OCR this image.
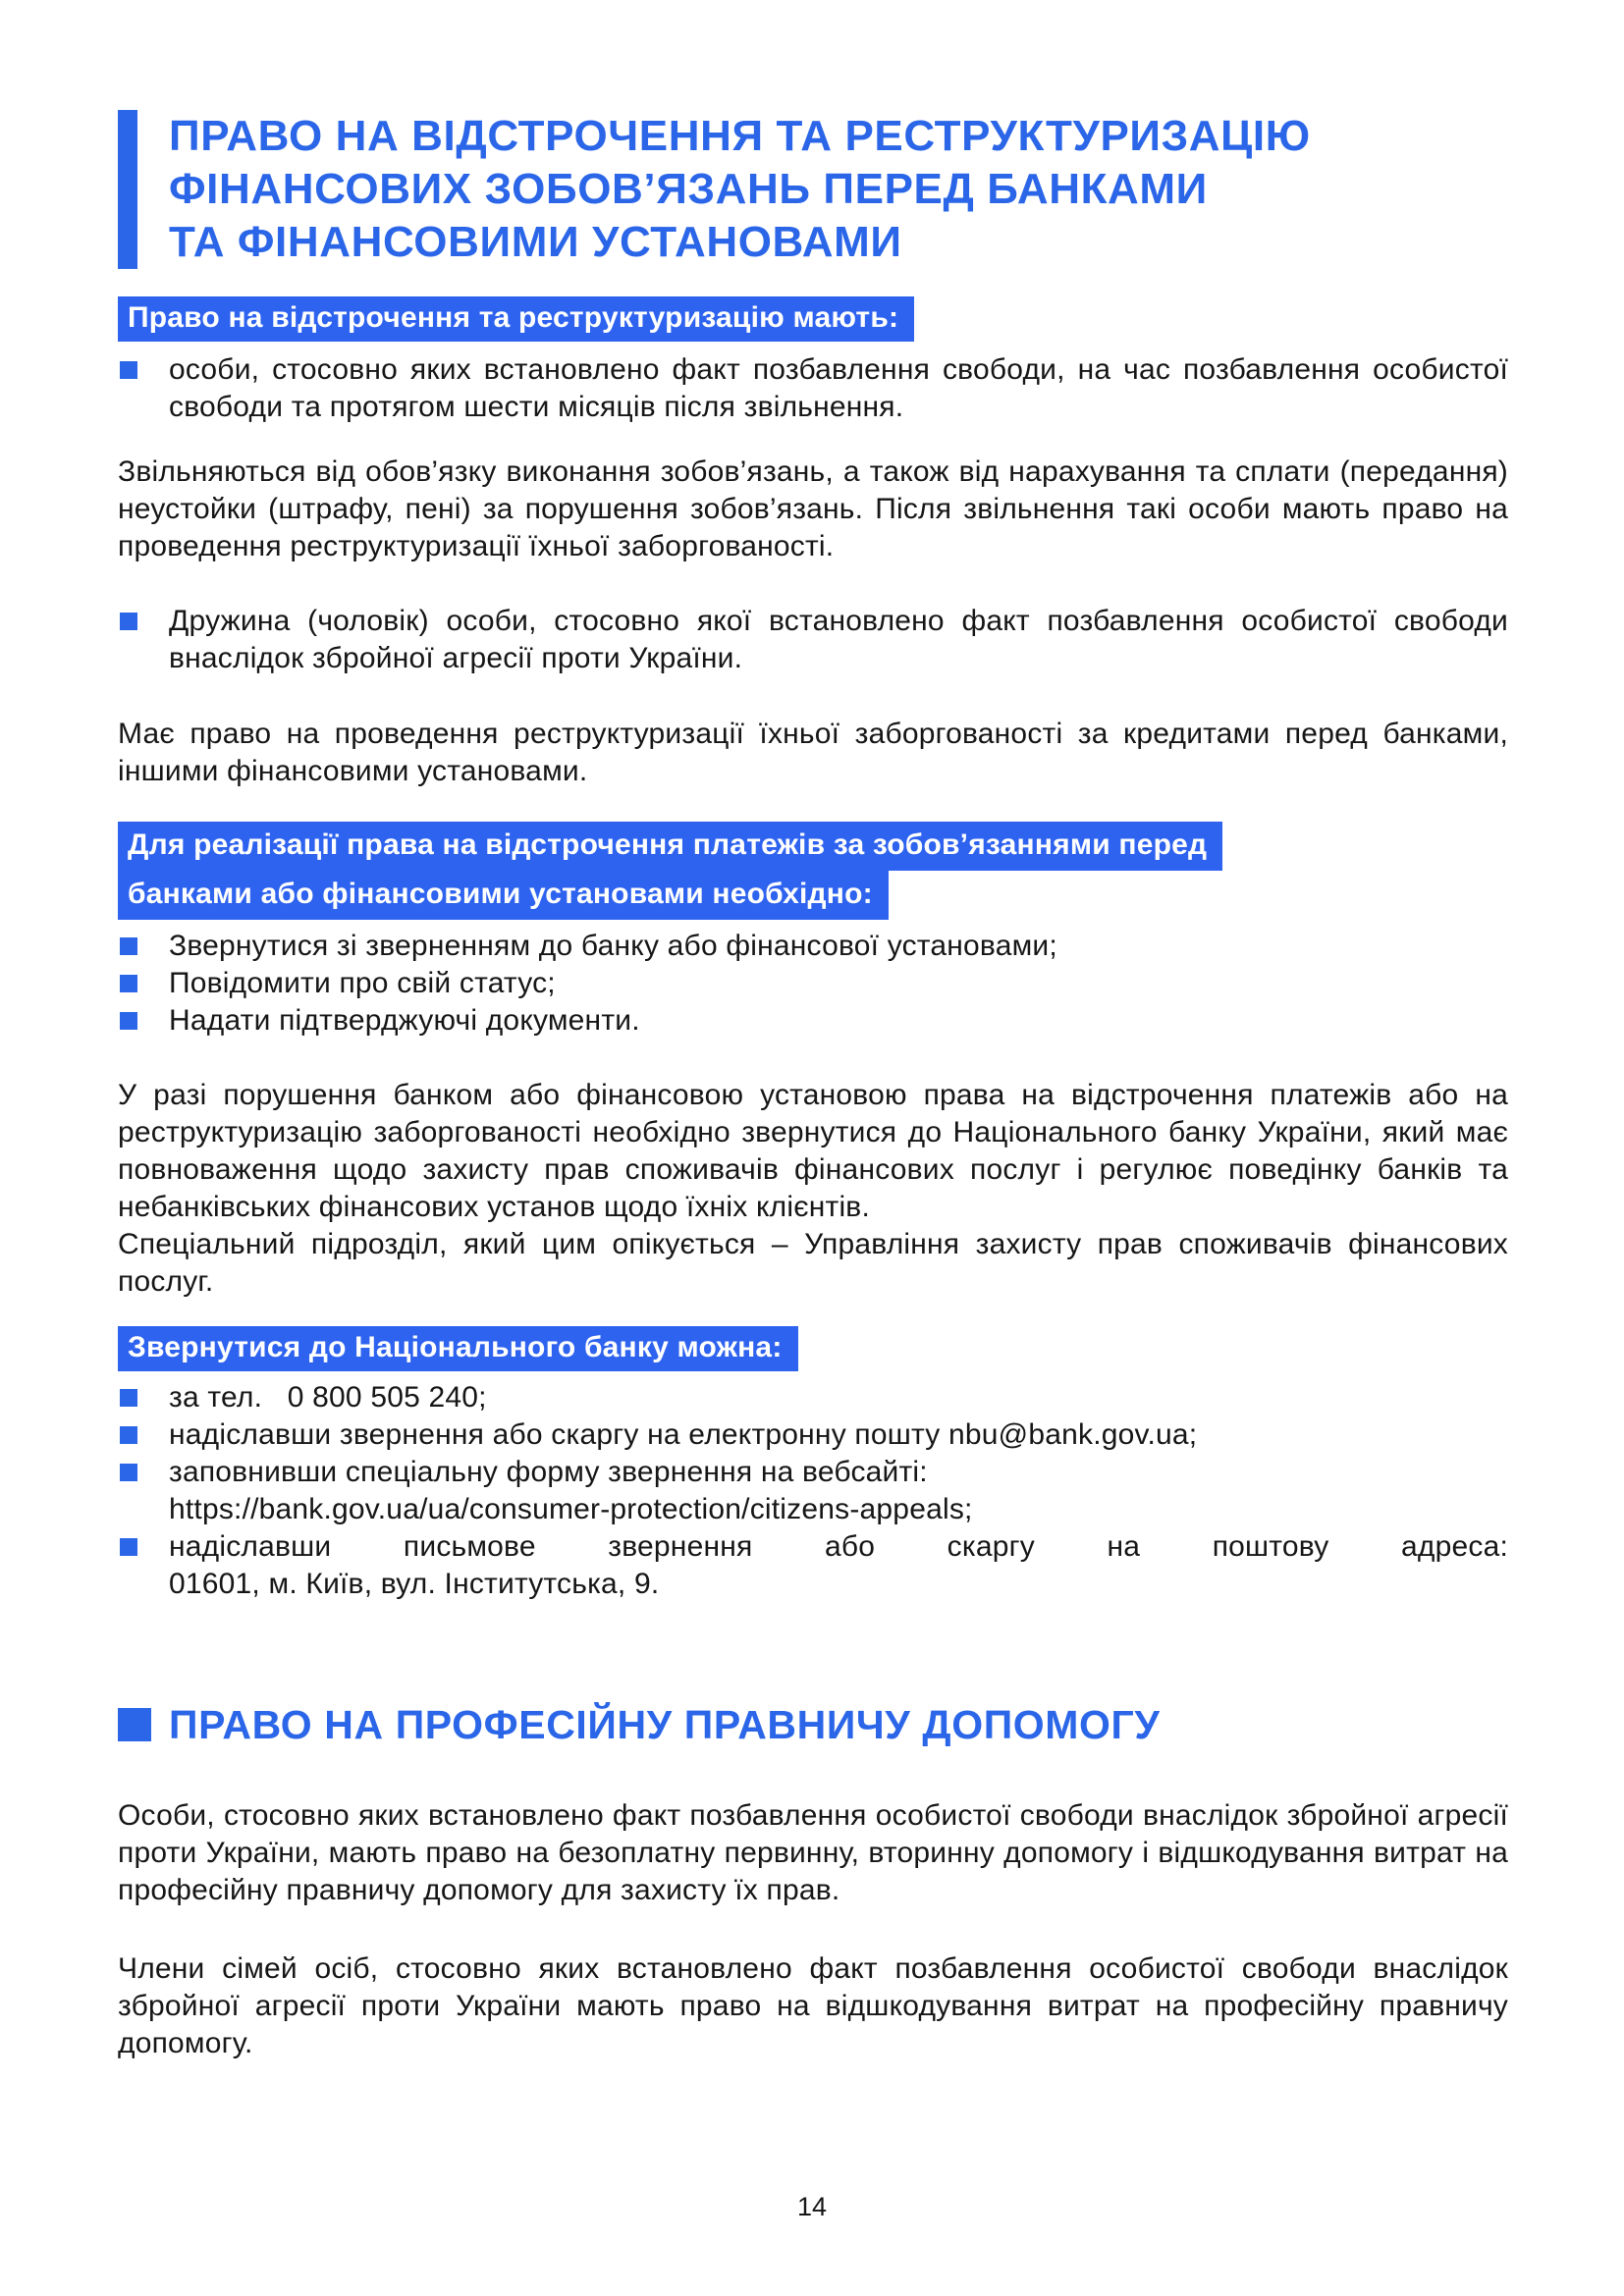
ПРАВО НА ВІДСТРОЧЕННЯ ТА РЕСТРУКТУРИЗАЦІЮ
ФІНАНСОВИХ ЗОБОВ’ЯЗАНЬ ПЕРЕД БАНКАМИ
ТА ФІНАНСОВИМИ УСТАНОВАМИ
Право на відстрочення та реструктуризацію мають:
особи, стосовно яких встановлено факт позбавлення свободи, на час позбавлення особистої свободи та протягом шести місяців після звільнення.
Звільняються від обов’язку виконання зобов’язань, а також від нарахування та сплати (передання) неустойки (штрафу, пені) за порушення зобов’язань. Після звільнення такі особи мають право на проведення реструктуризації їхньої заборгованості.
Дружина (чоловік) особи, стосовно якої встановлено факт позбавлення особистої свободи внаслідок збройної агресії проти України.
Має право на проведення реструктуризації їхньої заборгованості за кредитами перед банками, іншими фінансовими установами.
Для реалізації права на відстрочення платежів за зобов’язаннями перед
банками або фінансовими установами необхідно:
Звернутися зі зверненням до банку або фінансової установами;
Повідомити про свій статус;
Надати підтверджуючі документи.
У разі порушення банком або фінансовою установою права на відстрочення платежів або на реструктуризацію заборгованості необхідно звернутися до Національного банку України, який має повноваження щодо захисту прав споживачів фінансових послуг і регулює поведінку банків та небанківських фінансових установ щодо їхніх клієнтів.
Спеціальний підрозділ, який цим опікується – Управління захисту прав споживачів фінансових послуг.
Звернутися до Національного банку можна:
за тел.   0 800 505 240;
надіславши звернення або скаргу на електронну пошту nbu@bank.gov.ua;
заповнивши спеціальну форму звернення на вебсайті:
https://bank.gov.ua/ua/consumer-protection/citizens-appeals;
надіславши письмове звернення або скаргу на поштову адреса:
01601, м. Київ, вул. Інститутська, 9.
ПРАВО НА ПРОФЕСІЙНУ ПРАВНИЧУ ДОПОМОГУ
Особи, стосовно яких встановлено факт позбавлення особистої свободи внаслідок збройної агресії проти України, мають право на безоплатну первинну, вторинну допомогу і відшкодування витрат на професійну правничу допомогу для захисту їх прав.
Члени сімей осіб, стосовно яких встановлено факт позбавлення особистої свободи внаслідок збройної агресії проти України мають право на відшкодування витрат на професійну правничу допомогу.
14
